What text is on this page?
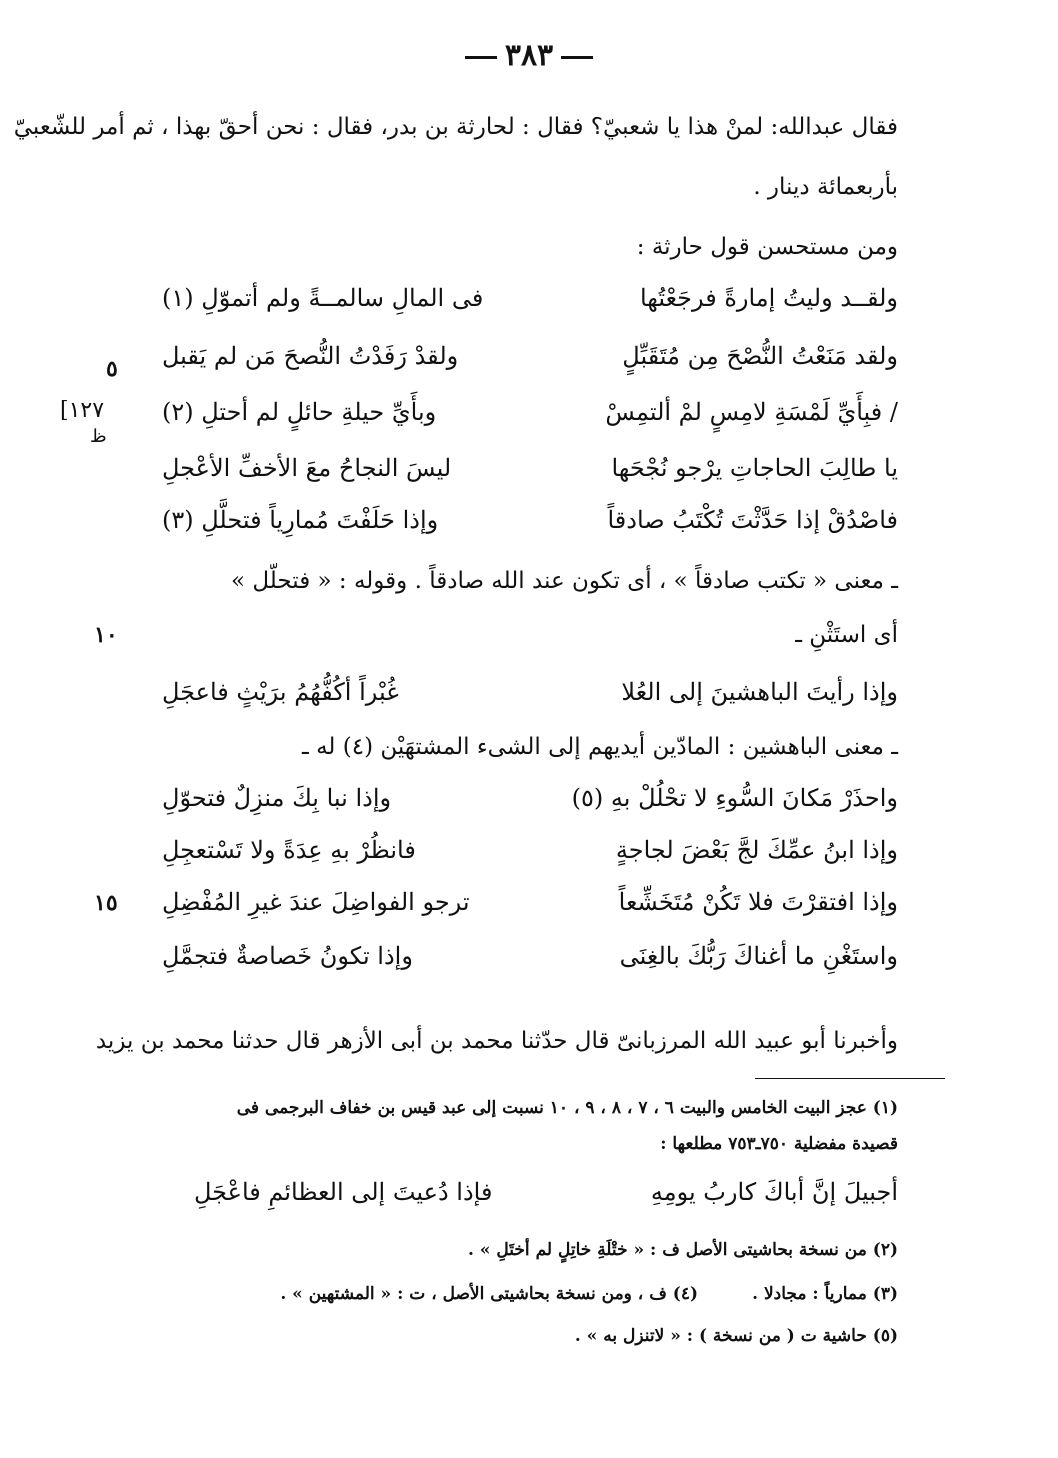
٣٨٣
فقال عبدالله: لمنْ هذا يا شعبيّ؟ فقال : لحارثة بن بدر، فقال : نحن أحقّ بهذا ، ثم أمر للشّعبيّ
بأربعمائة دينار .
ومن مستحسن قول حارثة :
ولقــد وليتُ إمارةً فرجَعْتُها
فى المالِ سالمــةً ولم أتموّلِ (١)
ولقد مَنَعْتُ النُّصْحَ مِن مُتَقَبِّلٍ
ولقدْ رَفَدْتُ النُّصحَ مَن لم يَقبل
/ فبِأَيِّ لَمْسَةِ لامِسٍ لمْ ألتمِسْ
وبأَيِّ حيلةِ حائلٍ لم أحتلِ (٢)
يا طالِبَ الحاجاتِ يرْجو نُجْحَها
ليسَ النجاحُ معَ الأخفِّ الأعْجلِ
فاصْدُقْ إذا حَدَّثْتَ تُكْتَبُ صادقاً
وإذا حَلَفْتَ مُمارِياً فتحلَّلِ (٣)
ـ معنى « تكتب صادقاً » ، أى تكون عند الله صادقاً . وقوله : « فتحلّل »
أى استَثْنِ ـ
وإذا رأيتَ الباهشينَ إلى العُلا
غُبْراً أكُفُّهُمُ برَيْثٍ فاعجَلِ
ـ معنى الباهشين : المادّين أيديهم إلى الشىء المشتهَيْن (٤) له ـ
واحذَرْ مَكانَ السُّوءِ لا تحْلُلْ بهِ (٥)
وإذا نبا بِكَ منزِلٌ فتحوّلِ
وإذا ابنُ عمِّكَ لجَّ بَعْضَ لجاجةٍ
فانظُرْ بهِ عِدَةً ولا تَسْتعجِلِ
وإذا افتقرْتَ فلا تَكُنْ مُتَخَشِّعاً
ترجو الفواضِلَ عندَ غيرِ المُفْضِلِ
واستَغْنِ ما أغناكَ رَبُّكَ بالغِنَى
وإذا تكونُ خَصاصةٌ فتجمَّلِ
وأخبرنا أبو عبيد الله المرزبانىّ قال حدّثنا محمد بن أبى الأزهر قال حدثنا محمد بن يزيد
٥
١٠
١٥
[١٢٧
ظ
(١) عجز البيت الخامس والبيت ٦ ، ٧ ، ٨ ، ٩ ، ١٠ نسبت إلى عبد قيس بن خفاف البرجمى فى
قصيدة مفضلية ٧٥٠ـ٧٥٣ مطلعها :
أجبيلَ إنَّ أباكَ كاربُ يومِهِ
فإذا دُعيتَ إلى العظائمِ فاعْجَلِ
(٢) من نسخة بحاشيتى الأصل ف : « ختْلَةِ خاتِلٍ لم أختَلِ » .
(٣) ممارياً : مجادلا .
(٤) ف ، ومن نسخة بحاشيتى الأصل ، ت : « المشتهين » .
(٥) حاشية ت ( من نسخة ) : « لاتنزل به » .
